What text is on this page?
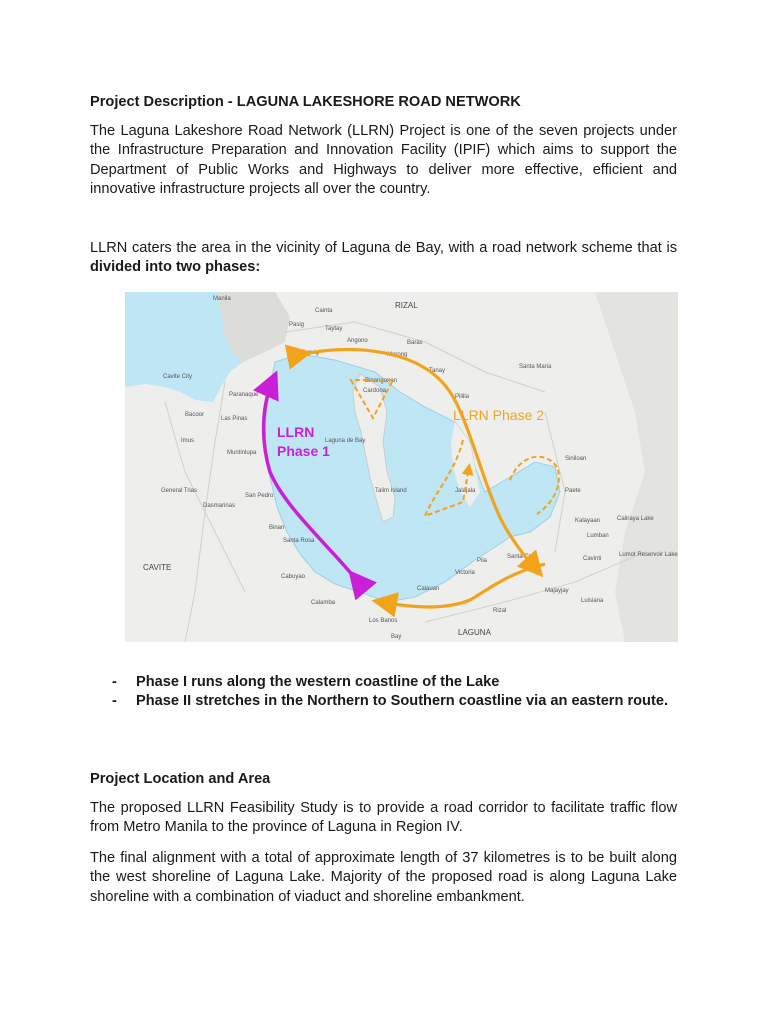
Project Description - LAGUNA LAKESHORE ROAD NETWORK
The Laguna Lakeshore Road Network (LLRN) Project is one of the seven projects under the Infrastructure Preparation and Innovation Facility (IPIF) which aims to support the Department of Public Works and Highways to deliver more effective, efficient and innovative infrastructure projects all over the country.
LLRN caters the area in the vicinity of Laguna de Bay, with a road network scheme that is divided into two phases:
Manila
RIZAL
Cavite City
Paranaque
Las Pinas
Muntinlupa
Bacoor
Imus
General Trias
Dasmarinas
San Pedro
Binan
Santa Rosa
Cabuyao
Calamba
CAVITE
Taguig
Pasig
Cainta
Taytay
Angono
Binangonan
Cardona
Morong
Baras
Tanay
Pililla
Jalajala
Talim Island
Laguna de Bay
Santa Cruz
Los Banos
Bay
Victoria
Pila
LAGUNA
Santa Maria
Siniloan
Paete
Kalayaan
Lumban
Caliraya Lake
Lumot Reservoir Lake
Cavinti
Majayjay
Luisiana
Calauan
Rizal
LLRN
Phase 1
LLRN Phase 2
- Phase I runs along the western coastline of the Lake
- Phase II stretches in the Northern to Southern coastline via an eastern route.
Project Location and Area
The proposed LLRN Feasibility Study is to provide a road corridor to facilitate traffic flow from Metro Manila to the province of Laguna in Region IV.
The final alignment with a total of approximate length of 37 kilometres is to be built along the west shoreline of Laguna Lake. Majority of the proposed road is along Laguna Lake shoreline with a combination of viaduct and shoreline embankment.
